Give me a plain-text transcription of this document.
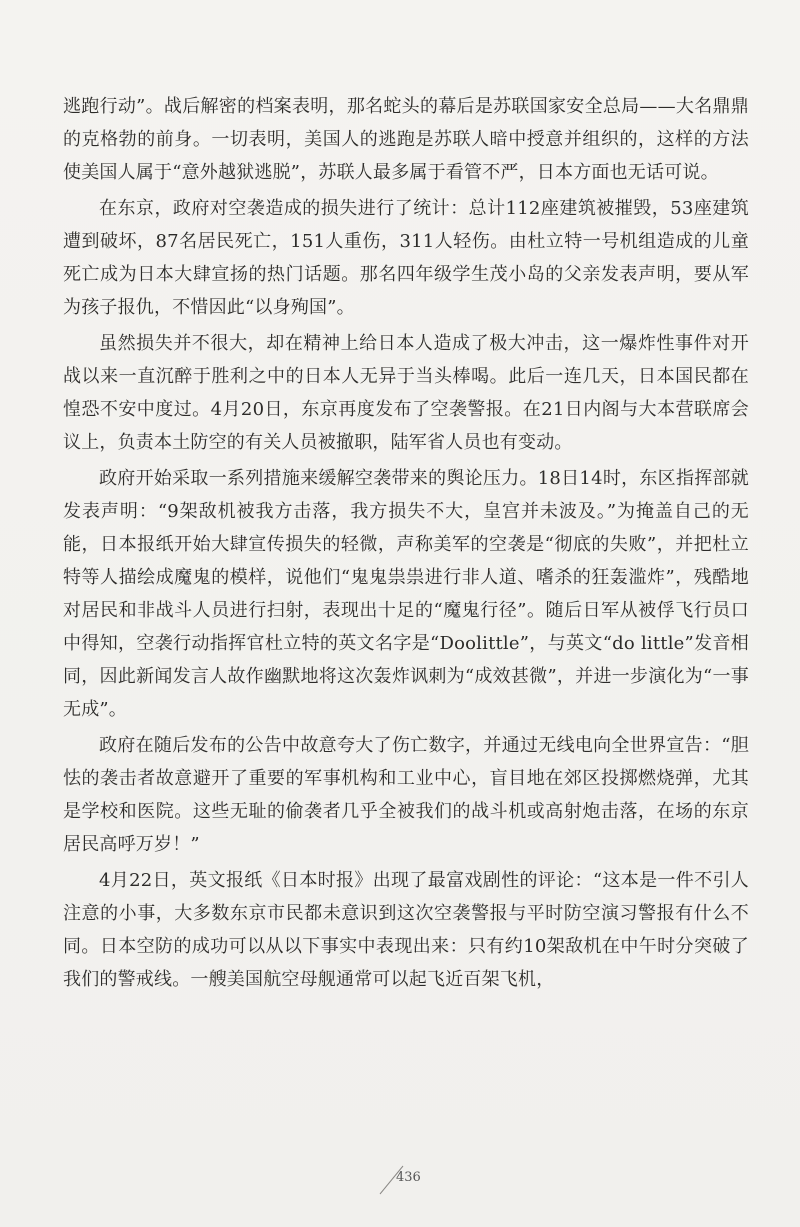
逃跑行动”。战后解密的档案表明，那名蛇头的幕后是苏联国家安全总局——大名鼎鼎的克格勃的前身。一切表明，美国人的逃跑是苏联人暗中授意并组织的，这样的方法使美国人属于“意外越狱逃脱”，苏联人最多属于看管不严，日本方面也无话可说。

在东京，政府对空袭造成的损失进行了统计：总计112座建筑被摧毁，53座建筑遭到破坏，87名居民死亡，151人重伤，311人轻伤。由杜立特一号机组造成的儿童死亡成为日本大肆宣扬的热门话题。那名四年级学生茂小岛的父亲发表声明，要从军为孩子报仇，不惜因此“以身殉国”。

虽然损失并不很大，却在精神上给日本人造成了极大冲击，这一爆炸性事件对开战以来一直沉醉于胜利之中的日本人无异于当头棒喝。此后一连几天，日本国民都在惶恐不安中度过。4月20日，东京再度发布了空袭警报。在21日内阁与大本营联席会议上，负责本土防空的有关人员被撤职，陆军省人员也有变动。

政府开始采取一系列措施来缓解空袭带来的舆论压力。18日14时，东区指挥部就发表声明：“9架敌机被我方击落，我方损失不大，皇宫并未波及。”为掩盖自己的无能，日本报纸开始大肆宣传损失的轻微，声称美军的空袭是“彻底的失败”，并把杜立特等人描绘成魔鬼的模样，说他们“鬼鬼祟祟进行非人道、嗜杀的狂轰滥炸”，残酷地对居民和非战斗人员进行扫射，表现出十足的“魔鬼行径”。随后日军从被俘飞行员口中得知，空袭行动指挥官杜立特的英文名字是“Doolittle”，与英文“do little”发音相同，因此新闻发言人故作幽默地将这次轰炸讽刺为“成效甚微”，并进一步演化为“一事无成”。

政府在随后发布的公告中故意夸大了伤亡数字，并通过无线电向全世界宣告：“胆怯的袭击者故意避开了重要的军事机构和工业中心，盲目地在郊区投掷燃烧弹，尤其是学校和医院。这些无耻的偷袭者几乎全被我们的战斗机或高射炮击落，在场的东京居民高呼万岁！”

4月22日，英文报纸《日本时报》出现了最富戏剧性的评论：“这本是一件不引人注意的小事，大多数东京市民都未意识到这次空袭警报与平时防空演习警报有什么不同。日本空防的成功可以从以下事实中表现出来：只有约10架敌机在中午时分突破了我们的警戒线。一艘美国航空母舰通常可以起飞近百架飞机，

436
